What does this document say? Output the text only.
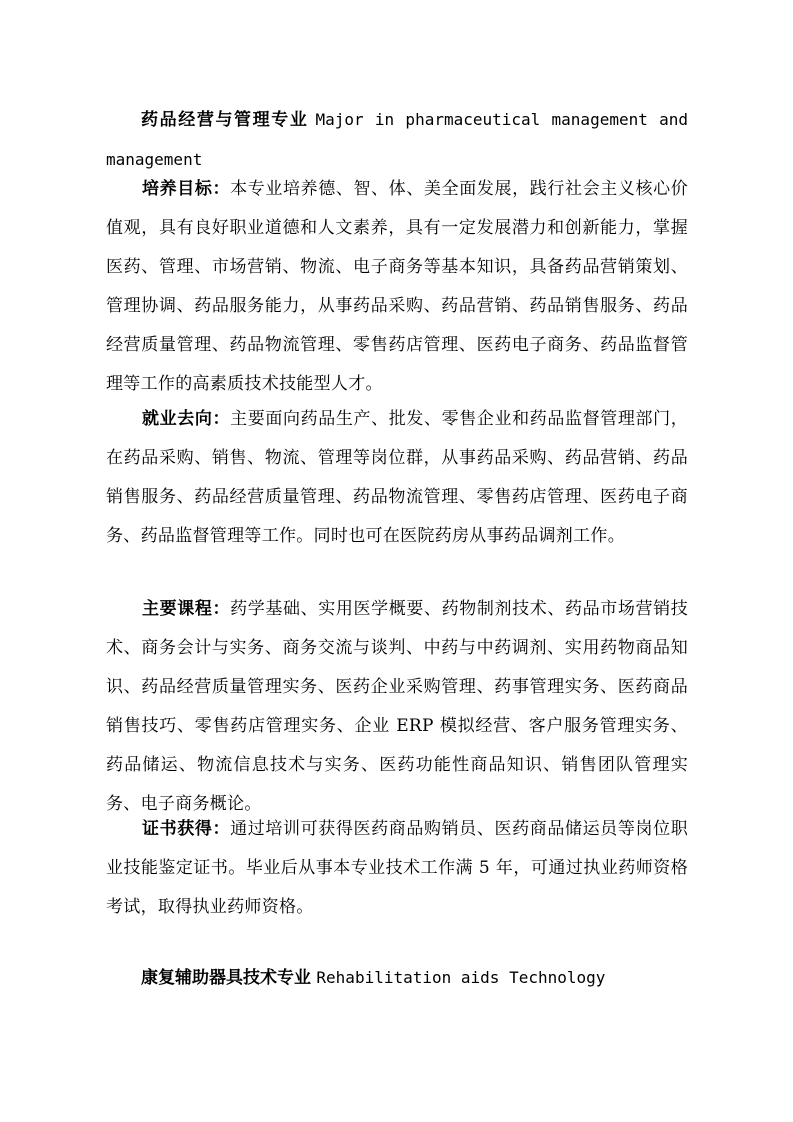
药品经营与管理专业 Major in pharmaceutical management and management

培养目标：本专业培养德、智、体、美全面发展，践行社会主义核心价值观，具有良好职业道德和人文素养，具有一定发展潜力和创新能力，掌握医药、管理、市场营销、物流、电子商务等基本知识，具备药品营销策划、管理协调、药品服务能力，从事药品采购、药品营销、药品销售服务、药品经营质量管理、药品物流管理、零售药店管理、医药电子商务、药品监督管理等工作的高素质技术技能型人才。

就业去向：主要面向药品生产、批发、零售企业和药品监督管理部门，在药品采购、销售、物流、管理等岗位群，从事药品采购、药品营销、药品销售服务、药品经营质量管理、药品物流管理、零售药店管理、医药电子商务、药品监督管理等工作。同时也可在医院药房从事药品调剂工作。

主要课程：药学基础、实用医学概要、药物制剂技术、药品市场营销技术、商务会计与实务、商务交流与谈判、中药与中药调剂、实用药物商品知识、药品经营质量管理实务、医药企业采购管理、药事管理实务、医药商品销售技巧、零售药店管理实务、企业 ERP 模拟经营、客户服务管理实务、药品储运、物流信息技术与实务、医药功能性商品知识、销售团队管理实务、电子商务概论。

证书获得：通过培训可获得医药商品购销员、医药商品储运员等岗位职业技能鉴定证书。毕业后从事本专业技术工作满 5 年，可通过执业药师资格考试，取得执业药师资格。

康复辅助器具技术专业 Rehabilitation aids Technology
